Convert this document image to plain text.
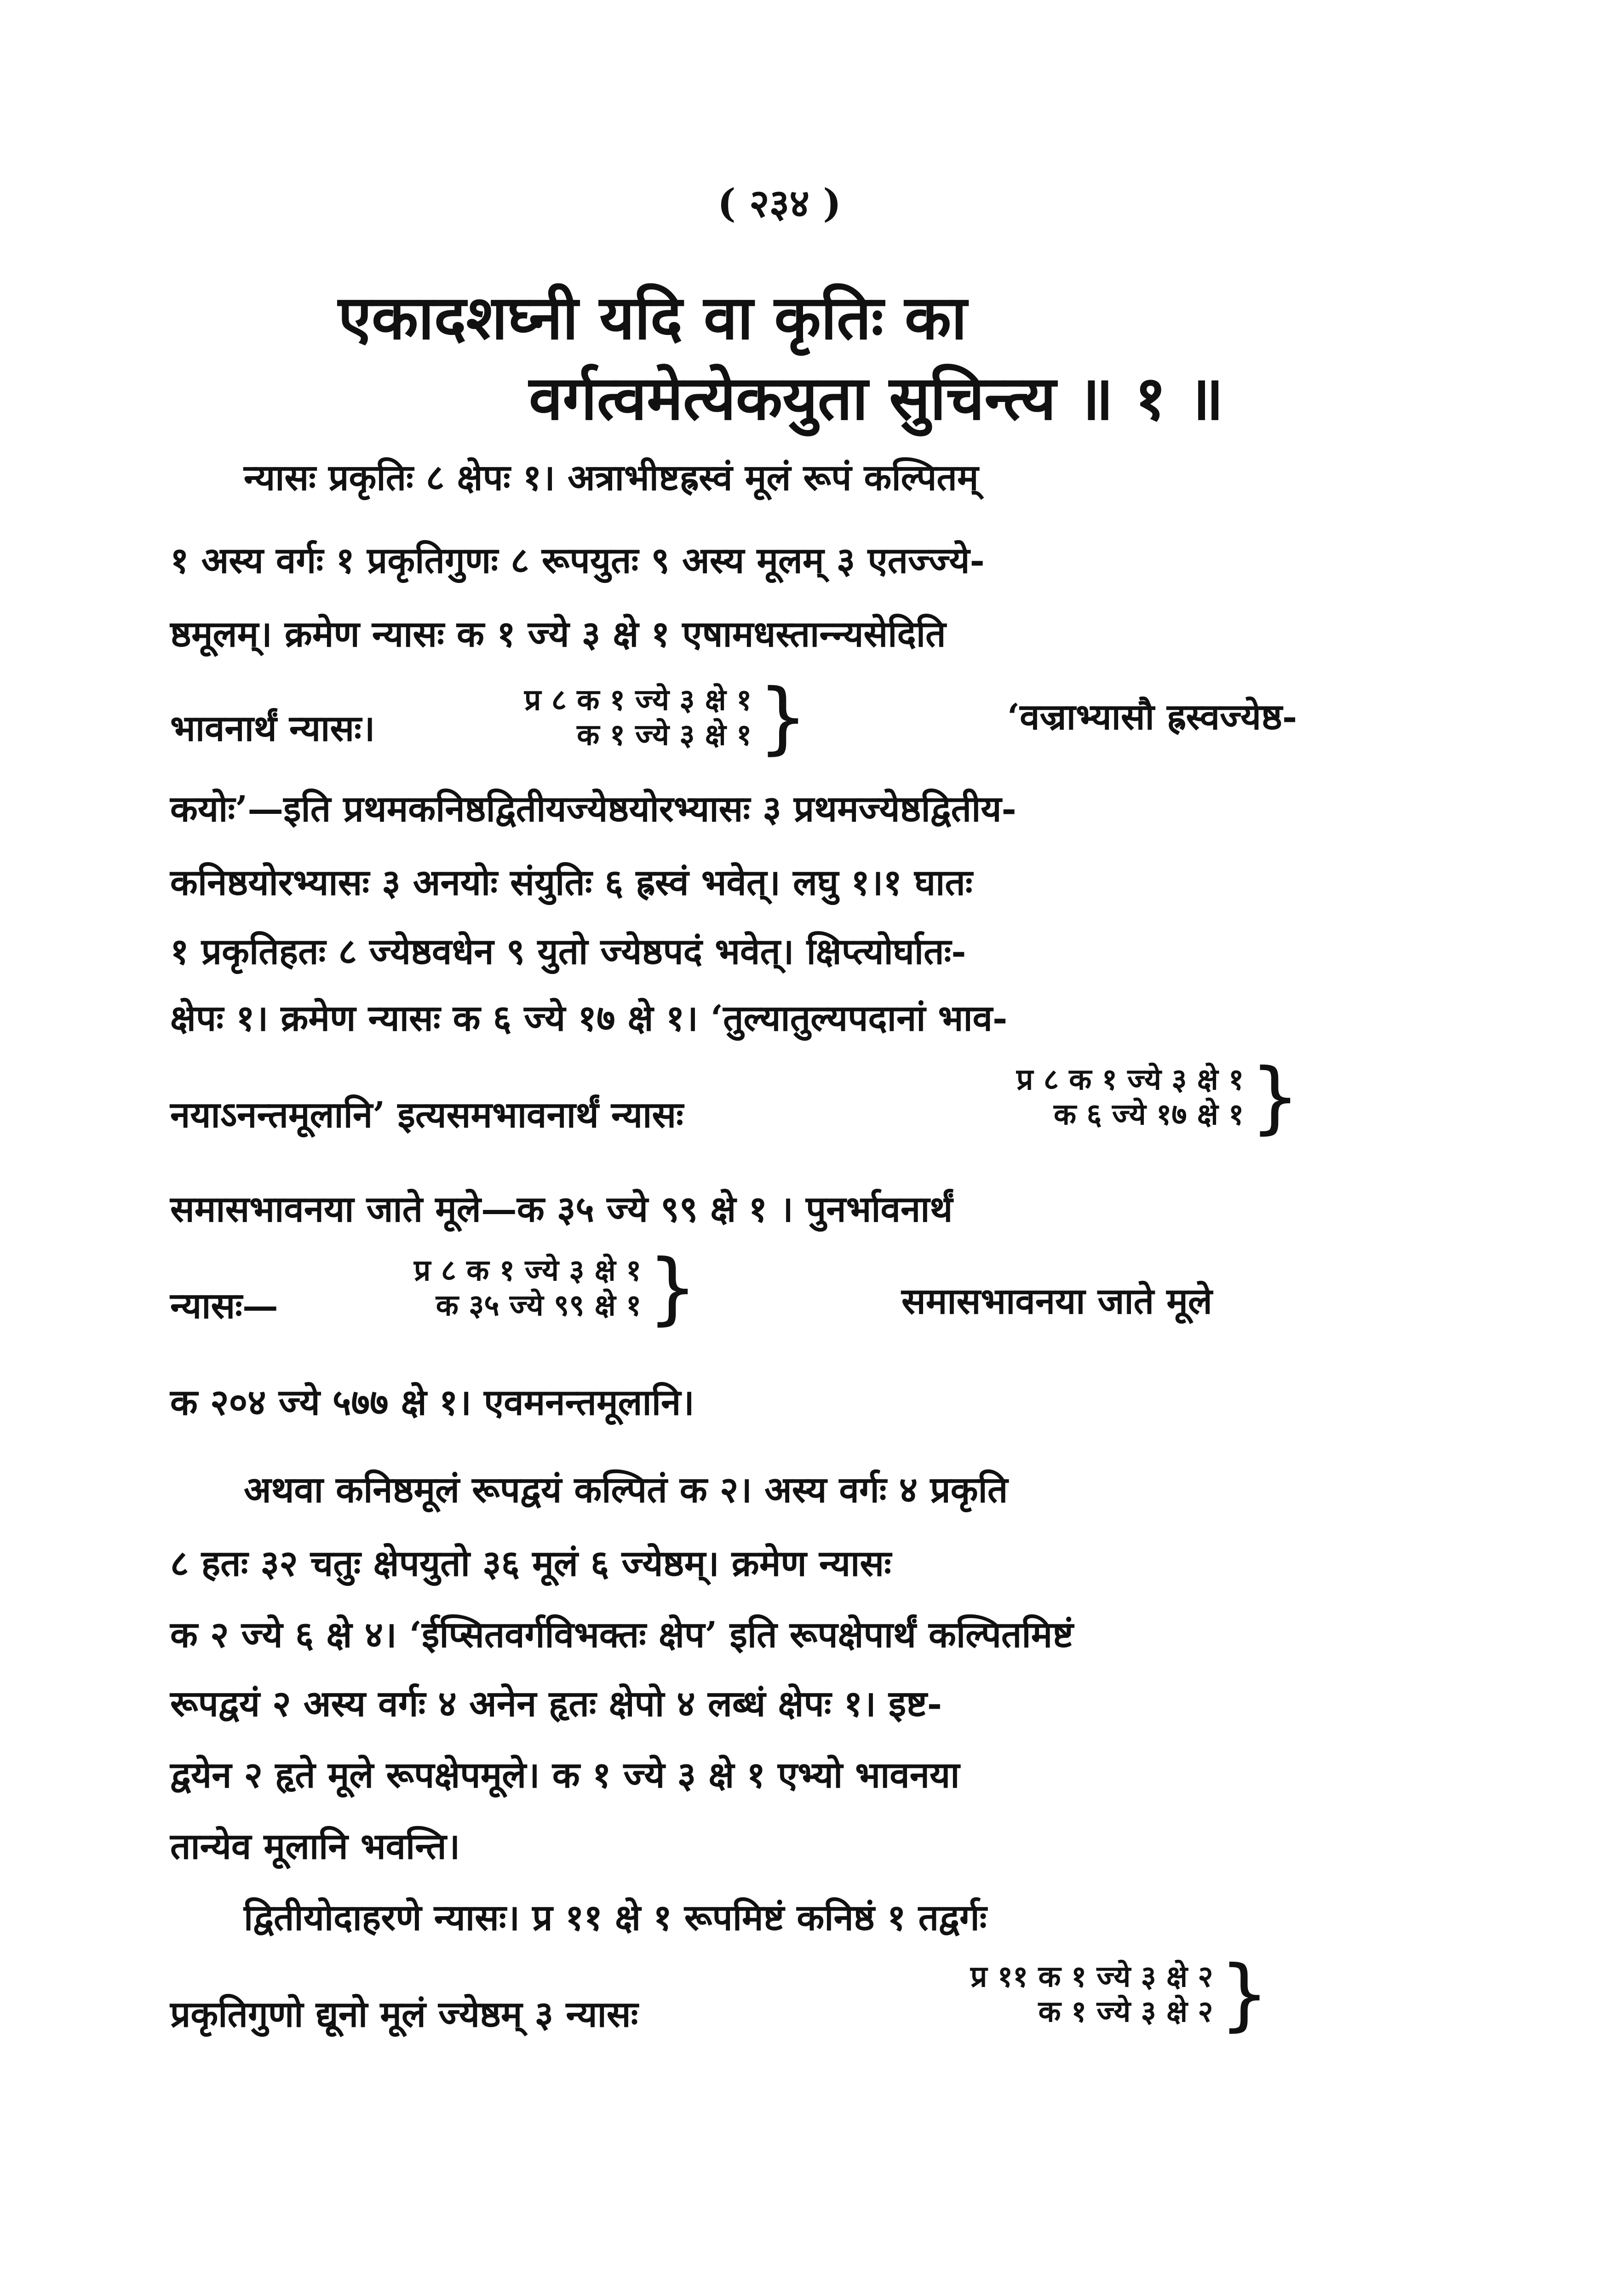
( २३४ )
एकादशघ्नी यदि वा कृतिः का
वर्गत्वमेत्येकयुता सुचिन्त्य ॥ १ ॥
न्यासः प्रकृतिः ८ क्षेपः १। अत्राभीष्टह्रस्वं मूलं रूपं कल्पितम्
१ अस्य वर्गः १ प्रकृतिगुणः ८ रूपयुतः ९ अस्य मूलम् ३ एतज्ज्ये-
ष्ठमूलम्। क्रमेण न्यासः क १ ज्ये ३ क्षे १ एषामधस्तान्न्यसेदिति
भावनार्थं न्यासः।
प्र ८ क १ ज्ये ३ क्षे १
क १ ज्ये ३ क्षे १ }	‘वज्राभ्यासौ ह्रस्वज्येष्ठ-
कयोः’—इति प्रथमकनिष्ठद्वितीयज्येष्ठयोरभ्यासः ३ प्रथमज्येष्ठद्वितीय-
कनिष्ठयोरभ्यासः ३ अनयोः संयुतिः ६ ह्रस्वं भवेत्। लघु १।१ घातः
१ प्रकृतिहतः ८ ज्येष्ठवधेन ९ युतो ज्येष्ठपदं भवेत्। क्षिप्त्योर्घातः-
क्षेपः १। क्रमेण न्यासः क ६ ज्ये १७ क्षे १। ‘तुल्यातुल्यपदानां भाव-
नयाऽनन्तमूलानि’ इत्यसमभावनार्थं न्यासः
प्र ८ क १ ज्ये ३ क्षे १
क ६ ज्ये १७ क्षे १ }
समासभावनया जाते मूले—क ३५ ज्ये ९९ क्षे १ । पुनर्भावनार्थं
न्यासः—
प्र ८ क १ ज्ये ३ क्षे १
क ३५ ज्ये ९९ क्षे १ }	समासभावनया जाते मूले
क २०४ ज्ये ५७७ क्षे १। एवमनन्तमूलानि।
अथवा कनिष्ठमूलं रूपद्वयं कल्पितं क २। अस्य वर्गः ४ प्रकृति
८ हतः ३२ चतुः क्षेपयुतो ३६ मूलं ६ ज्येष्ठम्। क्रमेण न्यासः
क २ ज्ये ६ क्षे ४। ‘ईप्सितवर्गविभक्तः क्षेप’ इति रूपक्षेपार्थं कल्पितमिष्टं
रूपद्वयं २ अस्य वर्गः ४ अनेन हृतः क्षेपो ४ लब्धं क्षेपः १। इष्ट-
द्वयेन २ हृते मूले रूपक्षेपमूले। क १ ज्ये ३ क्षे १ एभ्यो भावनया
तान्येव मूलानि भवन्ति।
द्वितीयोदाहरणे न्यासः। प्र ११ क्षे १ रूपमिष्टं कनिष्ठं १ तद्वर्गः
प्रकृतिगुणो द्यूनो मूलं ज्येष्ठम् ३ न्यासः
प्र ११ क १ ज्ये ३ क्षे २
क १ ज्ये ३ क्षे २ }
